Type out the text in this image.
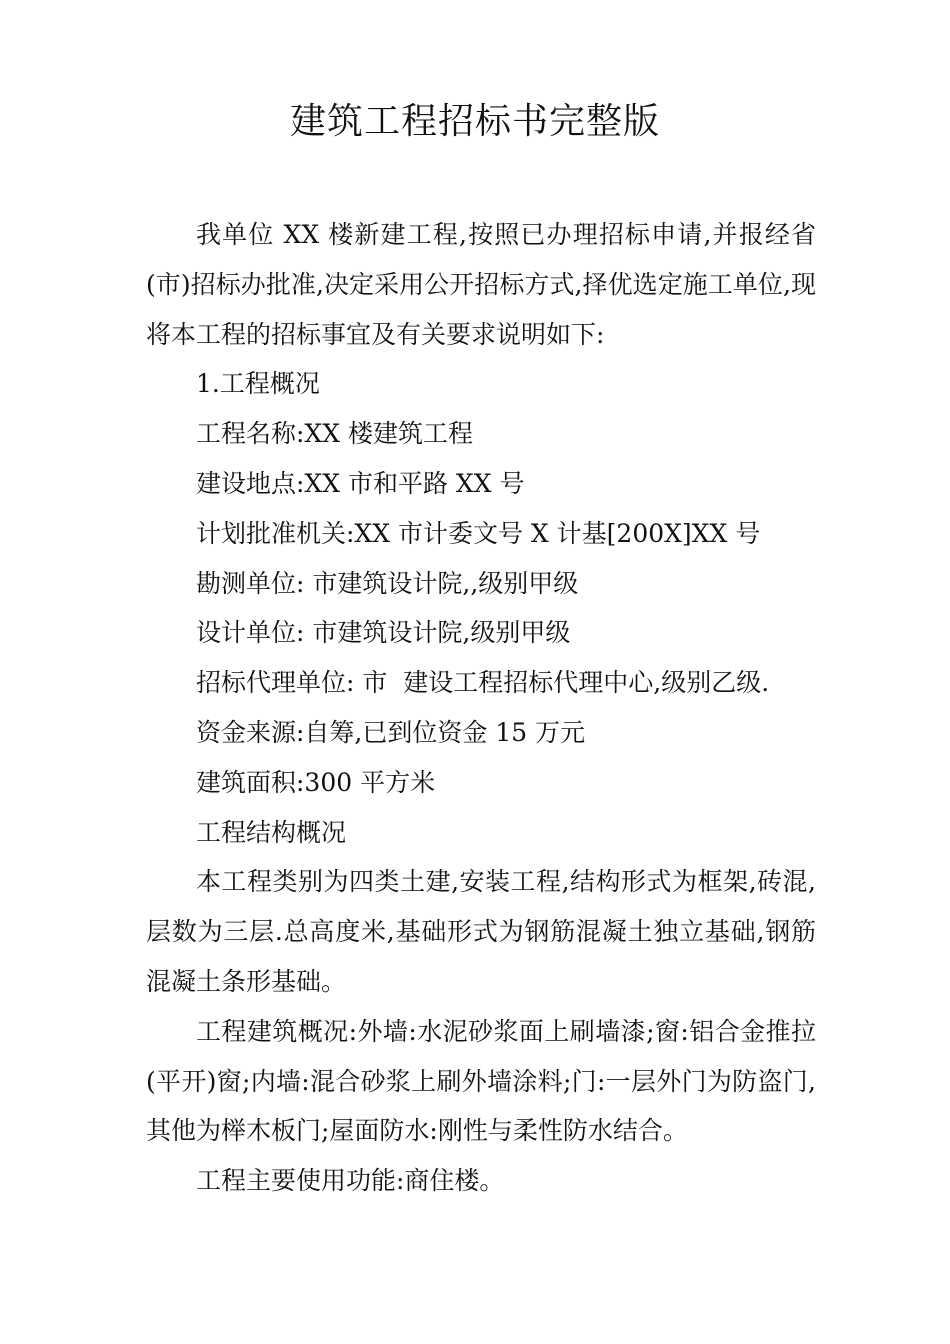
建筑工程招标书完整版

我单位 XX 楼新建工程,按照已办理招标申请,并报经省(市)招标办批准,决定采用公开招标方式,择优选定施工单位,现将本工程的招标事宜及有关要求说明如下:

1.工程概况

工程名称:XX 楼建筑工程

建设地点:XX 市和平路 XX 号

计划批准机关:XX 市计委文号 X 计基[200X]XX 号

勘测单位: 市建筑设计院,,级别甲级

设计单位: 市建筑设计院,级别甲级

招标代理单位: 市  建设工程招标代理中心,级别乙级.

资金来源:自筹,已到位资金 15 万元

建筑面积:300 平方米

工程结构概况

本工程类别为四类土建,安装工程,结构形式为框架,砖混,层数为三层.总高度米,基础形式为钢筋混凝土独立基础,钢筋混凝土条形基础。

工程建筑概况:外墙:水泥砂浆面上刷墙漆;窗:铝合金推拉(平开)窗;内墙:混合砂浆上刷外墙涂料;门:一层外门为防盗门,其他为榉木板门;屋面防水:刚性与柔性防水结合。

工程主要使用功能:商住楼。
